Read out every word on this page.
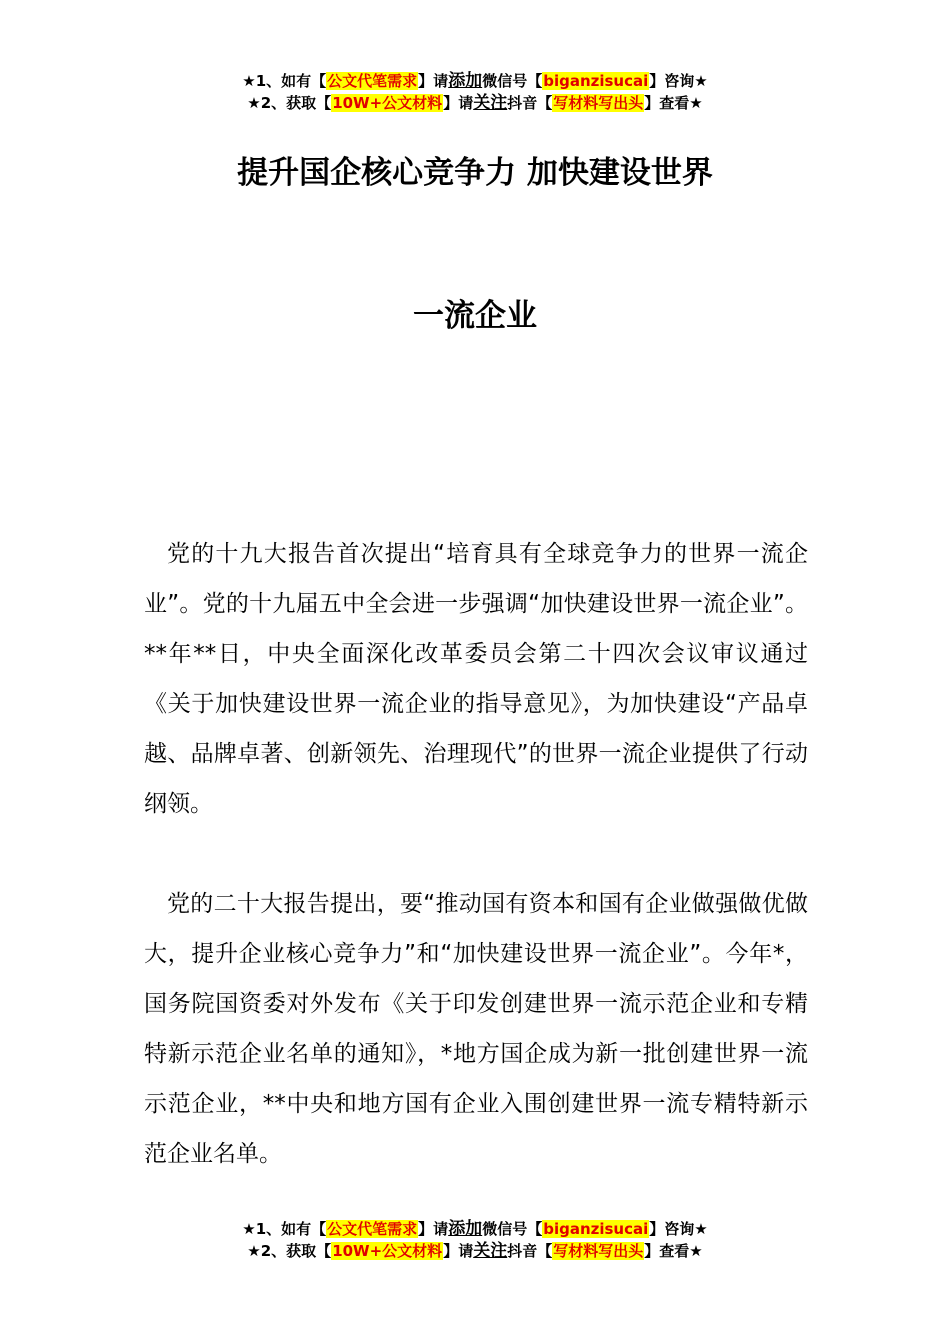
★1、如有【公文代笔需求】请添加微信号【biganzisucai】咨询★
★2、获取【10W+公文材料】请关注抖音【写材料写出头】查看★
提升国企核心竞争力 加快建设世界
一流企业

党的十九大报告首次提出“培育具有全球竞争力的世界一流企业”。党的十九届五中全会进一步强调“加快建设世界一流企业”。**年**日，中央全面深化改革委员会第二十四次会议审议通过《关于加快建设世界一流企业的指导意见》，为加快建设“产品卓越、品牌卓著、创新领先、治理现代”的世界一流企业提供了行动纲领。

党的二十大报告提出，要“推动国有资本和国有企业做强做优做大，提升企业核心竞争力”和“加快建设世界一流企业”。今年*，国务院国资委对外发布《关于印发创建世界一流示范企业和专精特新示范企业名单的通知》，*地方国企成为新一批创建世界一流示范企业，**中央和地方国有企业入围创建世界一流专精特新示范企业名单。

★1、如有【公文代笔需求】请添加微信号【biganzisucai】咨询★
★2、获取【10W+公文材料】请关注抖音【写材料写出头】查看★
